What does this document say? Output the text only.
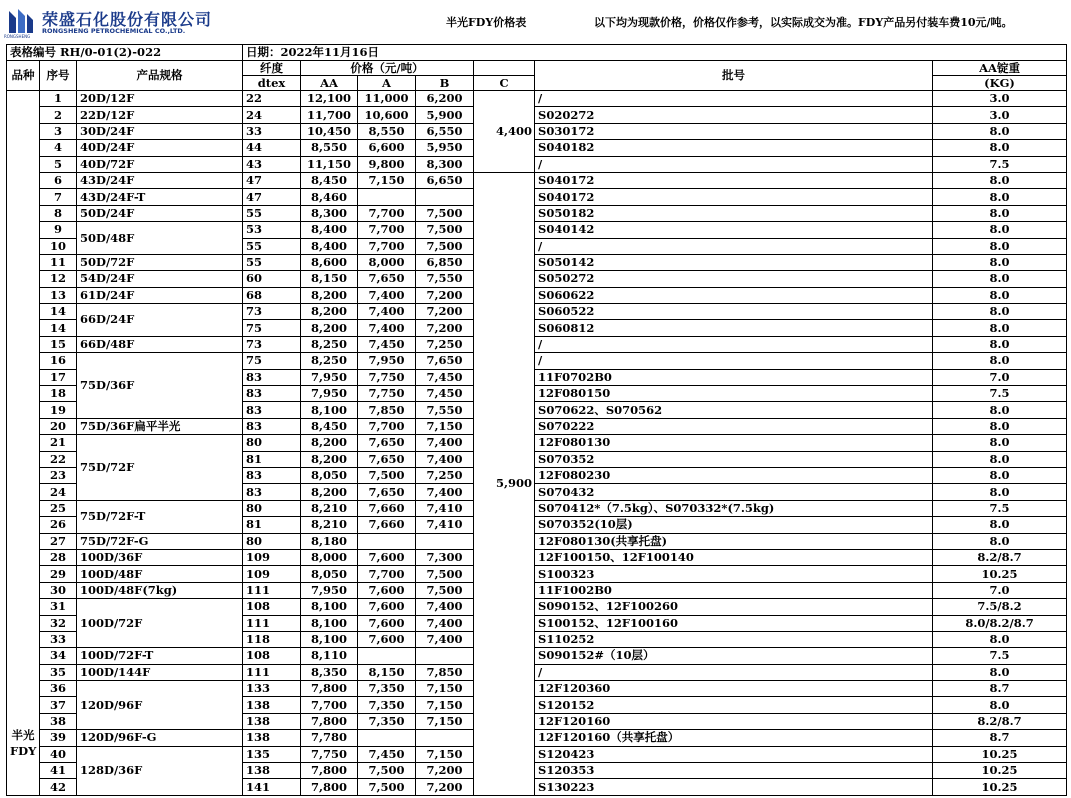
荣盛石化股份有限公司
RONGSHENG PETROCHEMICAL CO.,LTD.
RONGSHENG
半光FDY价格表	以下均为现款价格，价格仅作参考，以实际成交为准。FDY产品另付装车费10元/吨。
表格编号 RH/0-01(2)-022			日期：2022年11月16日						
品种	序号	产品规格	纤度	价格（元/吨）				批号	AA锭重
			dtex	AA	A	B	C		(KG)
半光
FDY	1	20D/12F	22	12,100	11,000	6,200	4,400	/	3.0
	2	22D/12F	24	11,700	10,600	5,900		S020272	3.0
	3	30D/24F	33	10,450	8,550	6,550		S030172	8.0
	4	40D/24F	44	8,550	6,600	5,950		S040182	8.0
	5	40D/72F	43	11,150	9,800	8,300		/	7.5
	6	43D/24F	47	8,450	7,150	6,650	5,900	S040172	8.0
	7	43D/24F-T	47	8,460				S040172	8.0
	8	50D/24F	55	8,300	7,700	7,500		S050182	8.0
	9	50D/48F	53	8,400	7,700	7,500		S040142	8.0
	10		55	8,400	7,700	7,500		/	8.0
	11	50D/72F	55	8,600	8,000	6,850		S050142	8.0
	12	54D/24F	60	8,150	7,650	7,550		S050272	8.0
	13	61D/24F	68	8,200	7,400	7,200		S060622	8.0
	14	66D/24F	73	8,200	7,400	7,200		S060522	8.0
	14		75	8,200	7,400	7,200		S060812	8.0
	15	66D/48F	73	8,250	7,450	7,250		/	8.0
	16	75D/36F	75	8,250	7,950	7,650		/	8.0
	17		83	7,950	7,750	7,450		11F0702B0	7.0
	18		83	7,950	7,750	7,450		12F080150	7.5
	19		83	8,100	7,850	7,550		S070622、S070562	8.0
	20	75D/36F扁平半光	83	8,450	7,700	7,150		S070222	8.0
	21	75D/72F	80	8,200	7,650	7,400		12F080130	8.0
	22		81	8,200	7,650	7,400		S070352	8.0
	23		83	8,050	7,500	7,250		12F080230	8.0
	24		83	8,200	7,650	7,400		S070432	8.0
	25	75D/72F-T	80	8,210	7,660	7,410		S070412*（7.5kg）、S070332*(7.5kg)	7.5
	26		81	8,210	7,660	7,410		S070352(10层)	8.0
	27	75D/72F-G	80	8,180				12F080130(共享托盘)	8.0
	28	100D/36F	109	8,000	7,600	7,300		12F100150、12F100140	8.2/8.7
	29	100D/48F	109	8,050	7,700	7,500		S100323	10.25
	30	100D/48F(7kg)	111	7,950	7,600	7,500		11F1002B0	7.0
	31	100D/72F	108	8,100	7,600	7,400		S090152、12F100260	7.5/8.2
	32		111	8,100	7,600	7,400		S100152、12F100160	8.0/8.2/8.7
	33		118	8,100	7,600	7,400		S110252	8.0
	34	100D/72F-T	108	8,110				S090152#（10层）	7.5
	35	100D/144F	111	8,350	8,150	7,850		/	8.0
	36	120D/96F	133	7,800	7,350	7,150		12F120360	8.7
	37		138	7,700	7,350	7,150		S120152	8.0
	38		138	7,800	7,350	7,150		12F120160	8.2/8.7
	39	120D/96F-G	138	7,780				12F120160（共享托盘）	8.7
	40	128D/36F	135	7,750	7,450	7,150		S120423	10.25
	41		138	7,800	7,500	7,200		S120353	10.25
	42		141	7,800	7,500	7,200		S130223	10.25
